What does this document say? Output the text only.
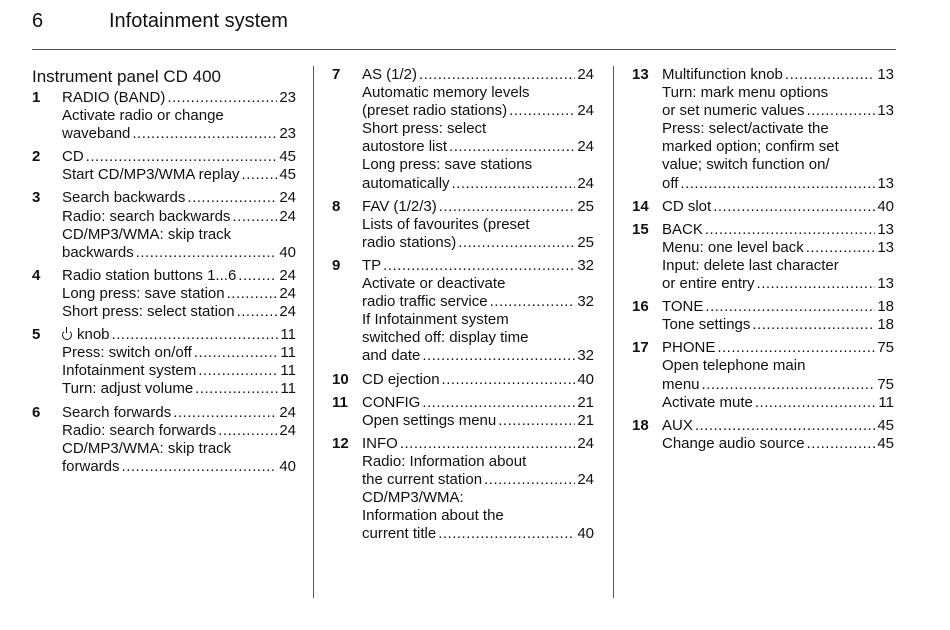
6	Infotainment system
Instrument panel CD 400
1	RADIO (BAND) .....	23
Activate radio or change
waveband .....	23
2	CD .....	45
Start CD/MP3/WMA replay .....	45
3	Search backwards .....	24
Radio: search backwards .....	24
CD/MP3/WMA: skip track
backwards .....	40
4	Radio station buttons 1...6 .....	24
Long press: save station .....	24
Short press: select station .....	24
5	knob .....	11
Press: switch on/off .....	11
Infotainment system .....	11
Turn: adjust volume .....	11
6	Search forwards .....	24
Radio: search forwards .....	24
CD/MP3/WMA: skip track
forwards .....	40
7	AS (1/2) .....	24
Automatic memory levels
(preset radio stations) .....	24
Short press: select
autostore list .....	24
Long press: save stations
automatically .....	24
8	FAV (1/2/3) .....	25
Lists of favourites (preset
radio stations) .....	25
9	TP .....	32
Activate or deactivate
radio traffic service .....	32
If Infotainment system
switched off: display time
and date .....	32
10 CD ejection .....	40
11 CONFIG .....	21
Open settings menu .....	21
12 INFO .....	24
Radio: Information about
the current station .....	24
CD/MP3/WMA:
Information about the
current title .....	40
13 Multifunction knob .....	13
Turn: mark menu options
or set numeric values .....	13
Press: select/activate the
marked option; confirm set
value; switch function on/
off .....	13
14 CD slot .....	40
15 BACK .....	13
Menu: one level back .....	13
Input: delete last character
or entire entry .....	13
16 TONE .....	18
Tone settings .....	18
17 PHONE .....	75
Open telephone main
menu .....	75
Activate mute .....	11
18 AUX .....	45
Change audio source .....	45
